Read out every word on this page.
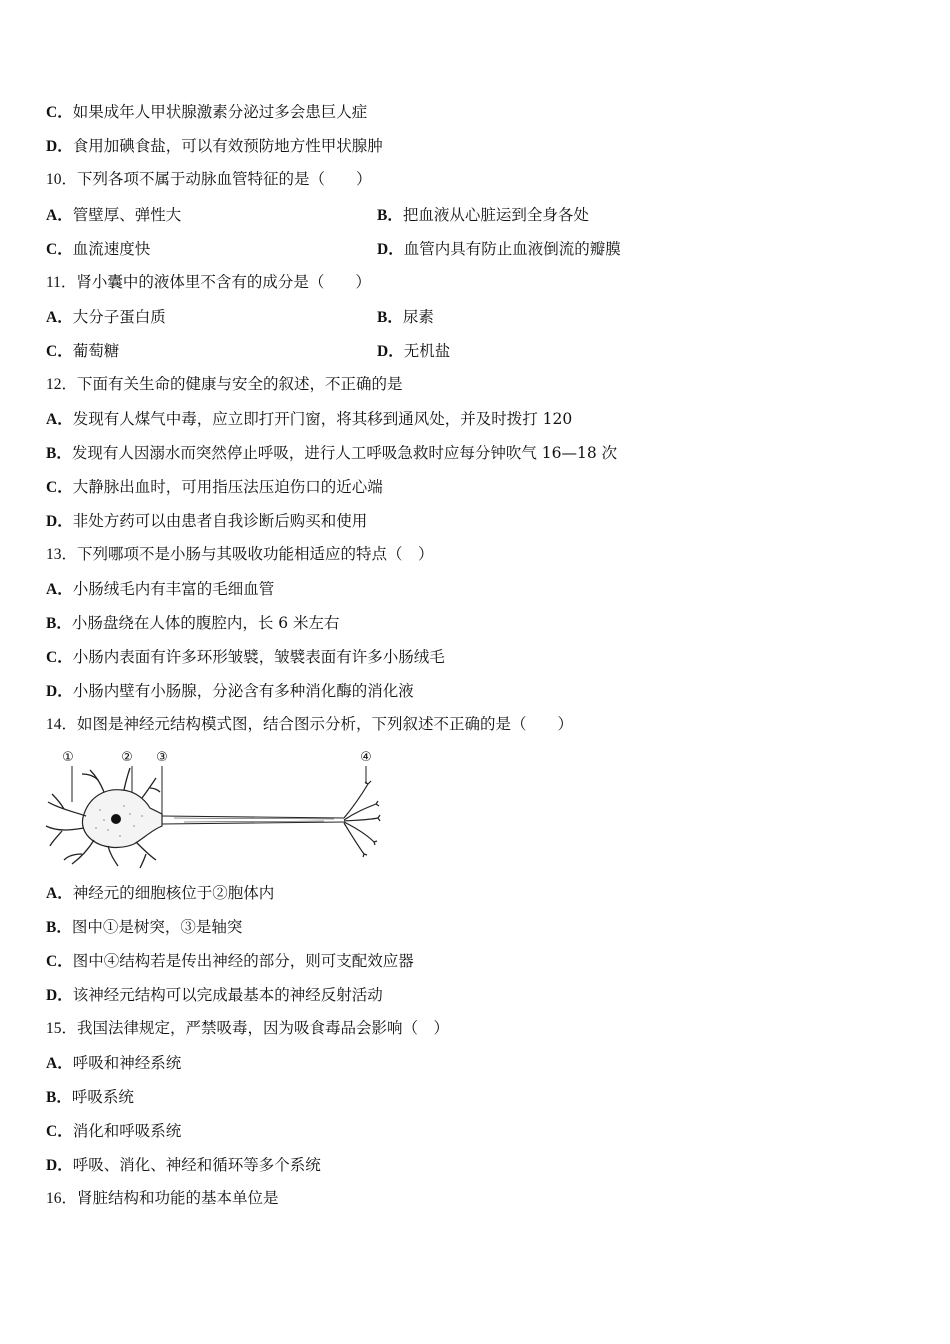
C．如果成年人甲状腺激素分泌过多会患巨人症
D．食用加碘食盐，可以有效预防地方性甲状腺肿
10．下列各项不属于动脉血管特征的是（　　）
A．管壁厚、弹性大	B．把血液从心脏运到全身各处
C．血流速度快	D．血管内具有防止血液倒流的瓣膜
11．肾小囊中的液体里不含有的成分是（　　）
A．大分子蛋白质	B．尿素
C．葡萄糖	D．无机盐
12．下面有关生命的健康与安全的叙述，不正确的是
A．发现有人煤气中毒，应立即打开门窗，将其移到通风处，并及时拨打 120
B．发现有人因溺水而突然停止呼吸，进行人工呼吸急救时应每分钟吹气 16—18 次
C．大静脉出血时，可用指压法压迫伤口的近心端
D．非处方药可以由患者自我诊断后购买和使用
13．下列哪项不是小肠与其吸收功能相适应的特点（　）
A．小肠绒毛内有丰富的毛细血管
B．小肠盘绕在人体的腹腔内，长 6 米左右
C．小肠内表面有许多环形皱襞，皱襞表面有许多小肠绒毛
D．小肠内壁有小肠腺，分泌含有多种消化酶的消化液
14．如图是神经元结构模式图，结合图示分析，下列叙述不正确的是（　　）
①	② ③	④
A．神经元的细胞核位于②胞体内
B．图中①是树突，③是轴突
C．图中④结构若是传出神经的部分，则可支配效应器
D．该神经元结构可以完成最基本的神经反射活动
15．我国法律规定，严禁吸毒，因为吸食毒品会影响（　）
A．呼吸和神经系统
B．呼吸系统
C．消化和呼吸系统
D．呼吸、消化、神经和循环等多个系统
16．肾脏结构和功能的基本单位是
